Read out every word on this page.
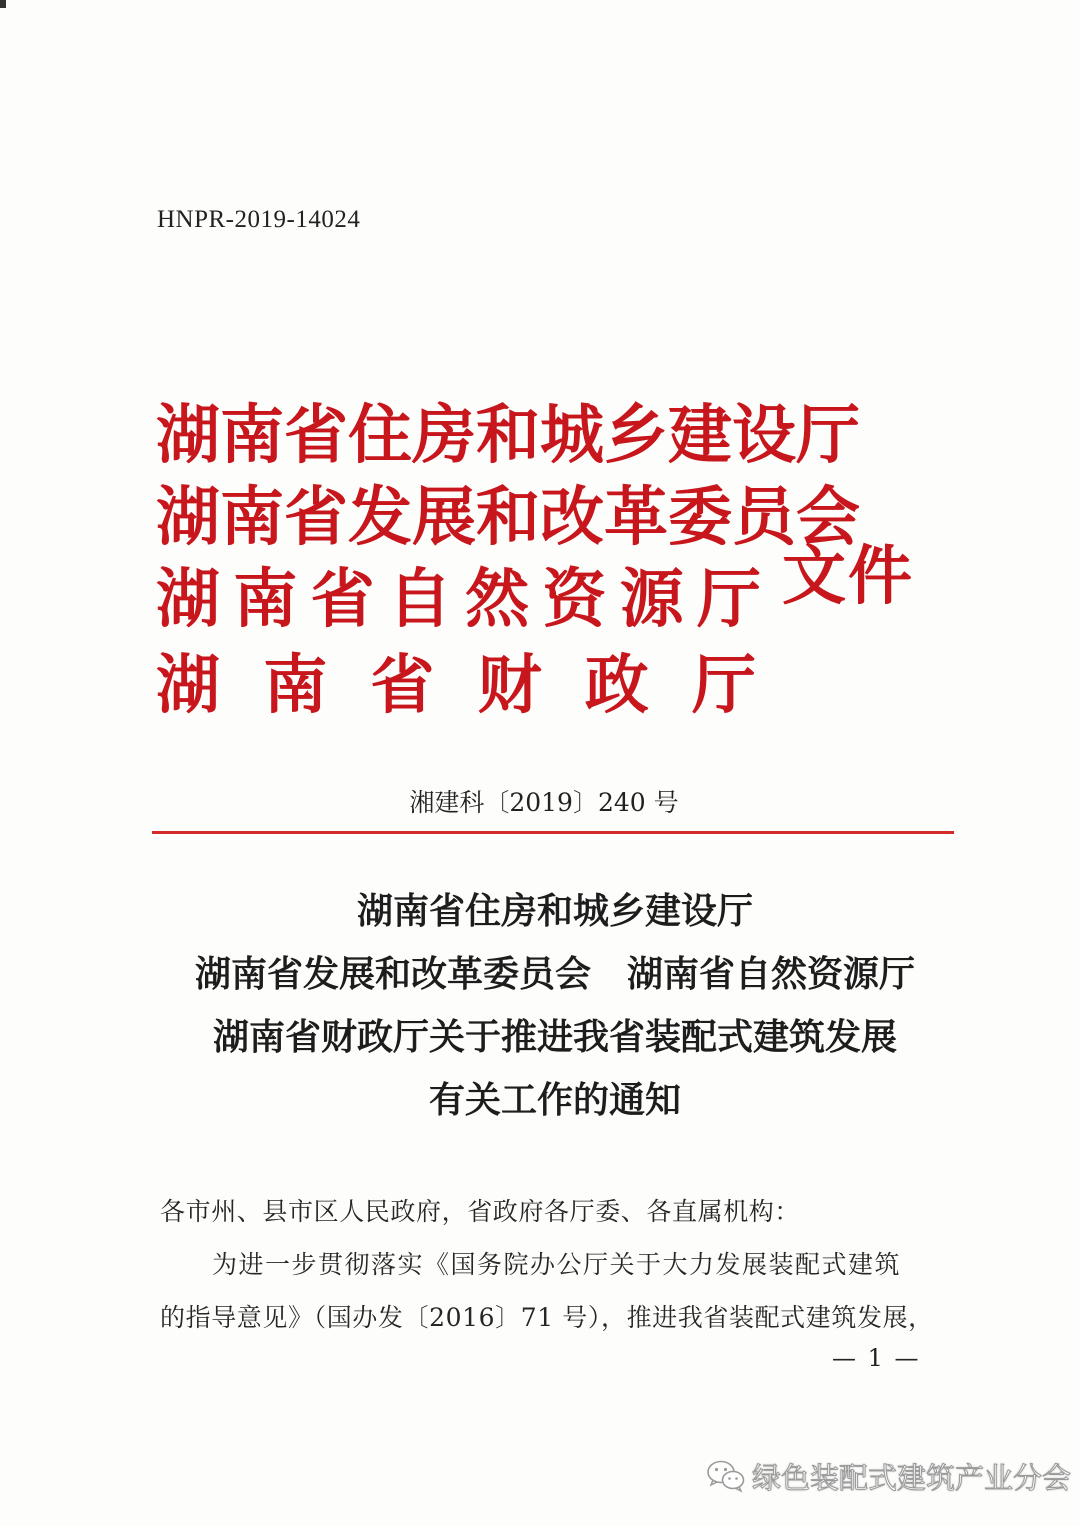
HNPR-2019-14024
湖南省住房和城乡建设厅
湖南省发展和改革委员会
湖南省自然资源厅
湖南省财政厅
文件
湘建科〔2019〕240 号
湖南省住房和城乡建设厅
湖南省发展和改革委员会 湖南省自然资源厅
湖南省财政厅关于推进我省装配式建筑发展
有关工作的通知
各市州、县市区人民政府，省政府各厅委、各直属机构：
为进一步贯彻落实《国务院办公厅关于大力发展装配式建筑
的指导意见》（国办发〔2016〕71 号），推进我省装配式建筑发展，
— 1 —
绿色装配式建筑产业分会
